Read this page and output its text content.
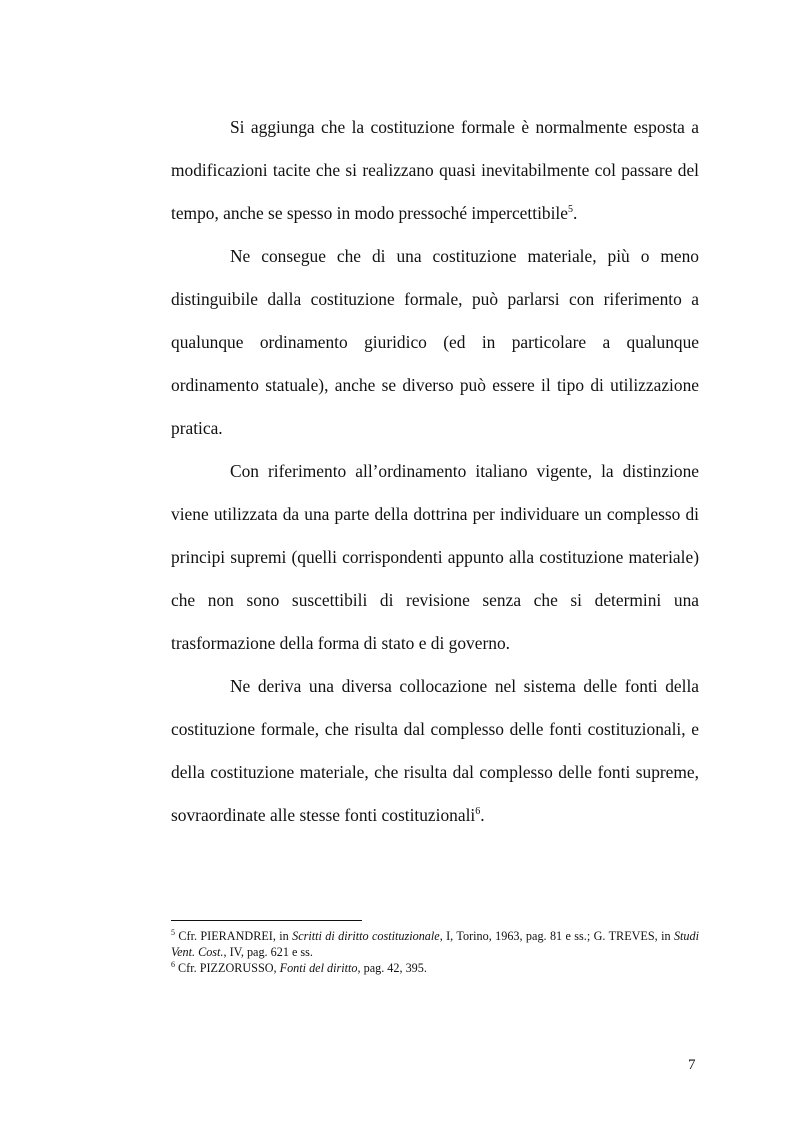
Si aggiunga che la costituzione formale è normalmente esposta a modificazioni tacite che si realizzano quasi inevitabilmente col passare del tempo, anche se spesso in modo pressoché impercettibile$^5$.

Ne consegue che di una costituzione materiale, più o meno distinguibile dalla costituzione formale, può parlarsi con riferimento a qualunque ordinamento giuridico (ed in particolare a qualunque ordinamento statuale), anche se diverso può essere il tipo di utilizzazione pratica.

Con riferimento all’ordinamento italiano vigente, la distinzione viene utilizzata da una parte della dottrina per individuare un complesso di principi supremi (quelli corrispondenti appunto alla costituzione materiale) che non sono suscettibili di revisione senza che si determini una trasformazione della forma di stato e di governo.

Ne deriva una diversa collocazione nel sistema delle fonti della costituzione formale, che risulta dal complesso delle fonti costituzionali, e della costituzione materiale, che risulta dal complesso delle fonti supreme, sovraordinate alle stesse fonti costituzionali$^6$.

$^5$ Cfr. PIERANDREI, in Scritti di diritto costituzionale, I, Torino, 1963, pag. 81 e ss.; G. TREVES, in Studi Vent. Cost., IV, pag. 621 e ss.

$^6$ Cfr. PIZZORUSSO, Fonti del diritto, pag. 42, 395.

7
